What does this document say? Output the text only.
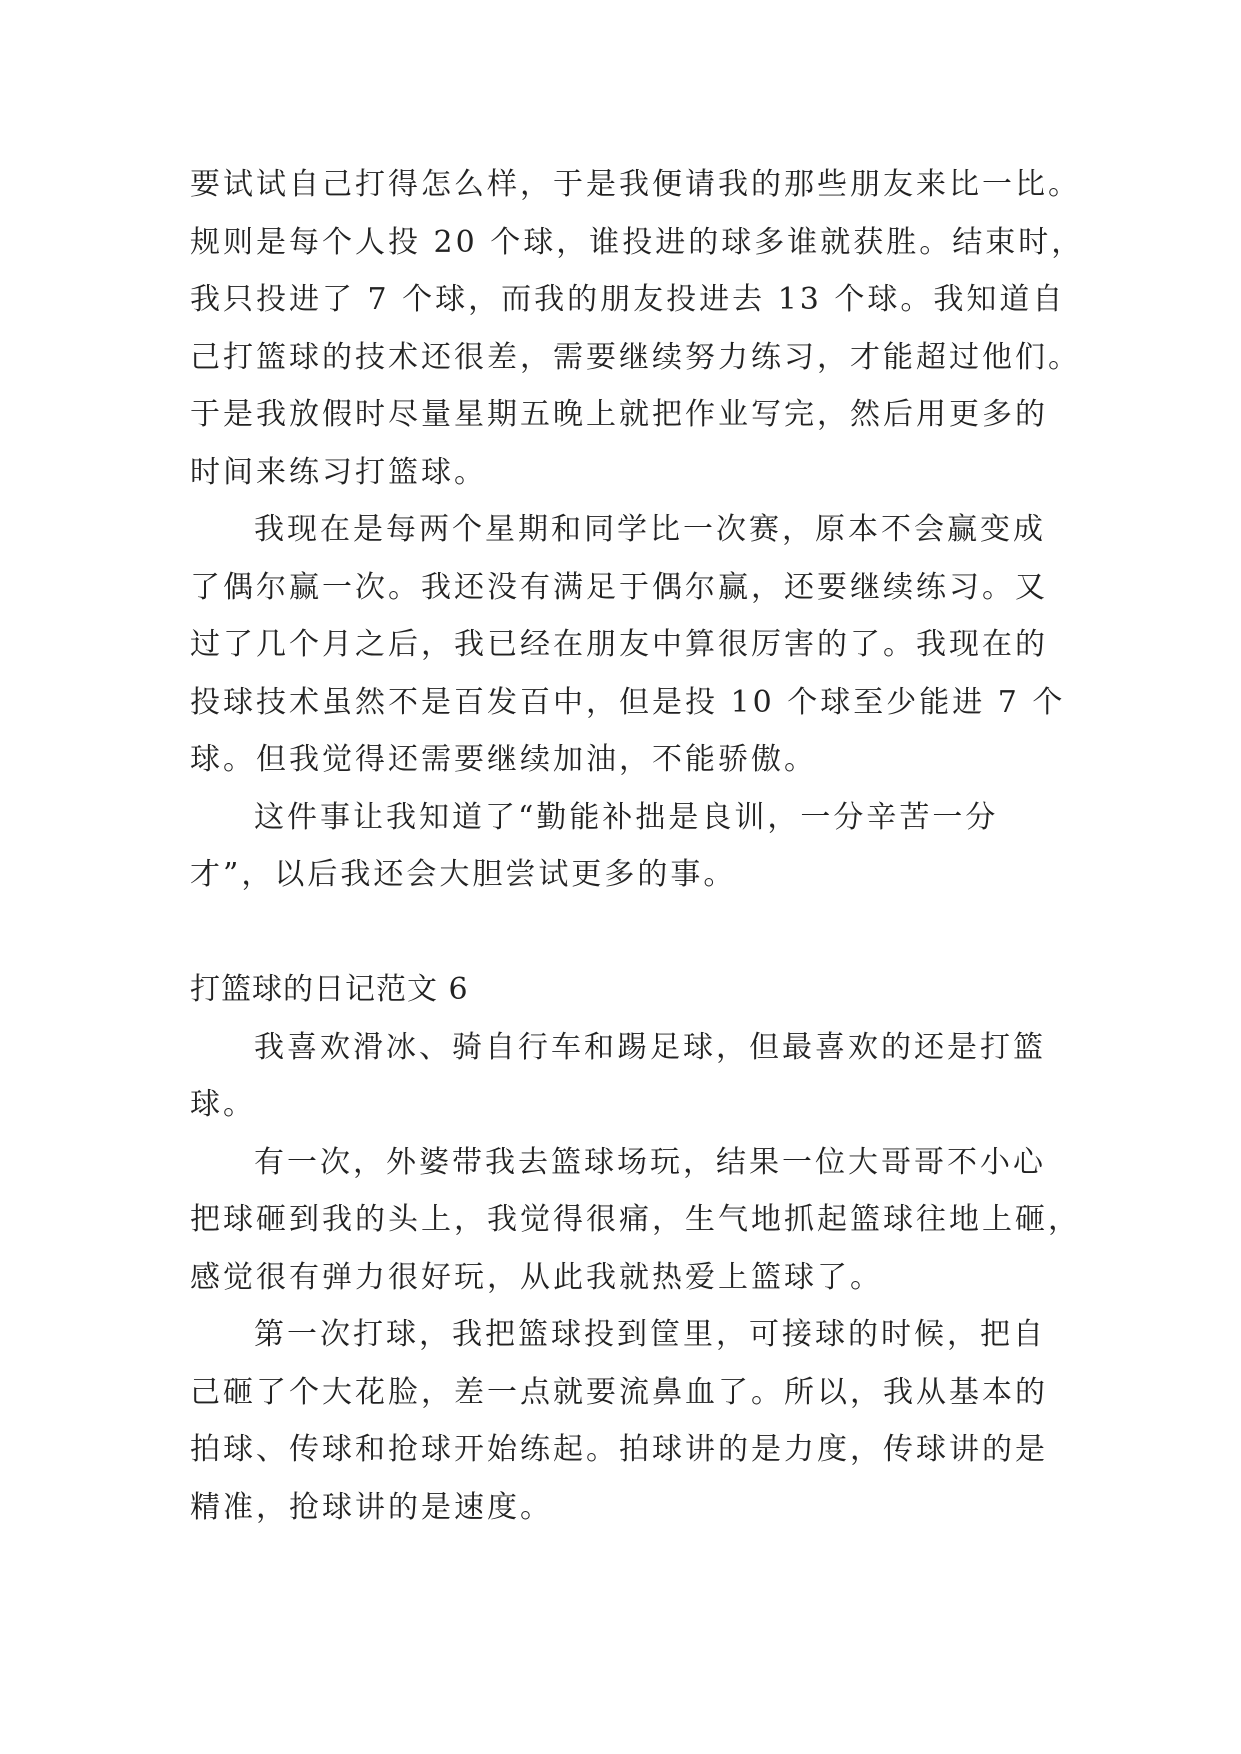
要试试自己打得怎么样，于是我便请我的那些朋友来比一比。
规则是每个人投 20 个球，谁投进的球多谁就获胜。结束时，
我只投进了 7 个球，而我的朋友投进去 13 个球。我知道自
己打篮球的技术还很差，需要继续努力练习，才能超过他们。
于是我放假时尽量星期五晚上就把作业写完，然后用更多的
时间来练习打篮球。
我现在是每两个星期和同学比一次赛，原本不会赢变成
了偶尔赢一次。我还没有满足于偶尔赢，还要继续练习。又
过了几个月之后，我已经在朋友中算很厉害的了。我现在的
投球技术虽然不是百发百中，但是投 10 个球至少能进 7 个
球。但我觉得还需要继续加油，不能骄傲。
这件事让我知道了“勤能补拙是良训，一分辛苦一分
才”，以后我还会大胆尝试更多的事。
打篮球的日记范文 6
我喜欢滑冰、骑自行车和踢足球，但最喜欢的还是打篮
球。
有一次，外婆带我去篮球场玩，结果一位大哥哥不小心
把球砸到我的头上，我觉得很痛，生气地抓起篮球往地上砸，
感觉很有弹力很好玩，从此我就热爱上篮球了。
第一次打球，我把篮球投到筐里，可接球的时候，把自
己砸了个大花脸，差一点就要流鼻血了。所以，我从基本的
拍球、传球和抢球开始练起。拍球讲的是力度，传球讲的是
精准，抢球讲的是速度。
